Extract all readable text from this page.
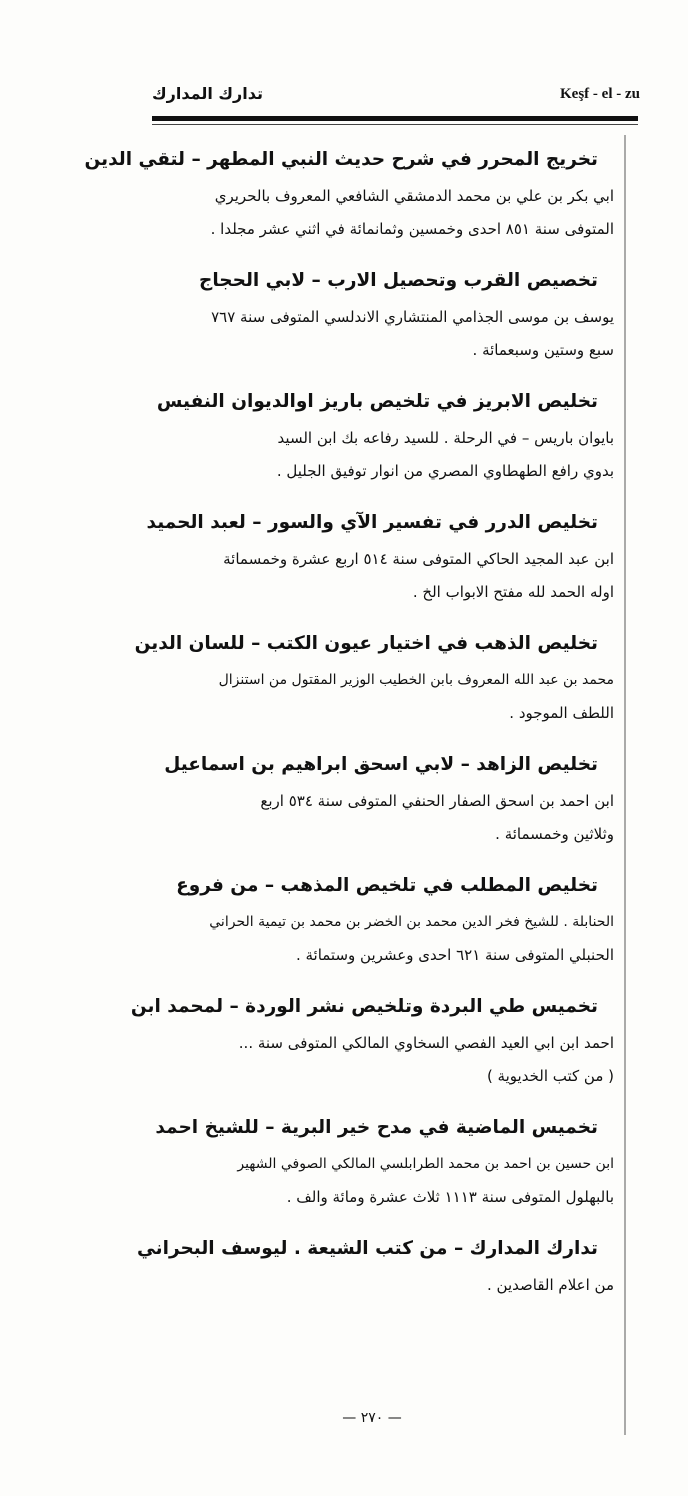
تدارك المدارك	Keşf - el - zu
تخريج المحرر في شرح حديث النبي المطهر – لتقي الدين
ابي بكر بن علي بن محمد الدمشقي الشافعي المعروف بالحريري
المتوفى سنة ٨٥١ احدى وخمسين وثمانمائة في اثني عشر مجلدا .
تخصيص القرب وتحصيل الارب – لابي الحجاج
يوسف بن موسى الجذامي المنتشاري الاندلسي المتوفى سنة ٧٦٧
سبع وستين وسبعمائة .
تخليص الابريز في تلخيص باريز اوالديوان النفيس
بايوان باريس – في الرحلة . للسيد رفاعه بك ابن السيد
بدوي رافع الطهطاوي المصري من انوار توفيق الجليل .
تخليص الدرر في تفسير الآي والسور – لعبد الحميد
ابن عبد المجيد الحاكي المتوفى سنة ٥١٤ اربع عشرة وخمسمائة
اوله الحمد لله مفتح الابواب الخ .
تخليص الذهب في اختيار عيون الكتب – للسان الدين
محمد بن عبد الله المعروف بابن الخطيب الوزير المقتول من استنزال
اللطف الموجود .
تخليص الزاهد – لابي اسحق ابراهيم بن اسماعيل
ابن احمد بن اسحق الصفار الحنفي المتوفى سنة ٥٣٤ اربع
وثلاثين وخمسمائة .
تخليص المطلب في تلخيص المذهب – من فروع
الحنابلة . للشيخ فخر الدين محمد بن الخضر بن محمد بن تيمية الحراني
الحنبلي المتوفى سنة ٦٢١ احدى وعشرين وستمائة .
تخميس طي البردة وتلخيص نشر الوردة – لمحمد ابن
احمد ابن ابي العيد الفصي السخاوي المالكي المتوفى سنة ...
( من كتب الخديوية )
تخميس الماضية في مدح خير البرية – للشيخ احمد
ابن حسين بن احمد بن محمد الطرابلسي المالكي الصوفي الشهير
بالبهلول المتوفى سنة ١١١٣ ثلاث عشرة ومائة والف .
تدارك المدارك – من كتب الشيعة . ليوسف البحراني
من اعلام القاصدين .
— ٢٧٠ —
